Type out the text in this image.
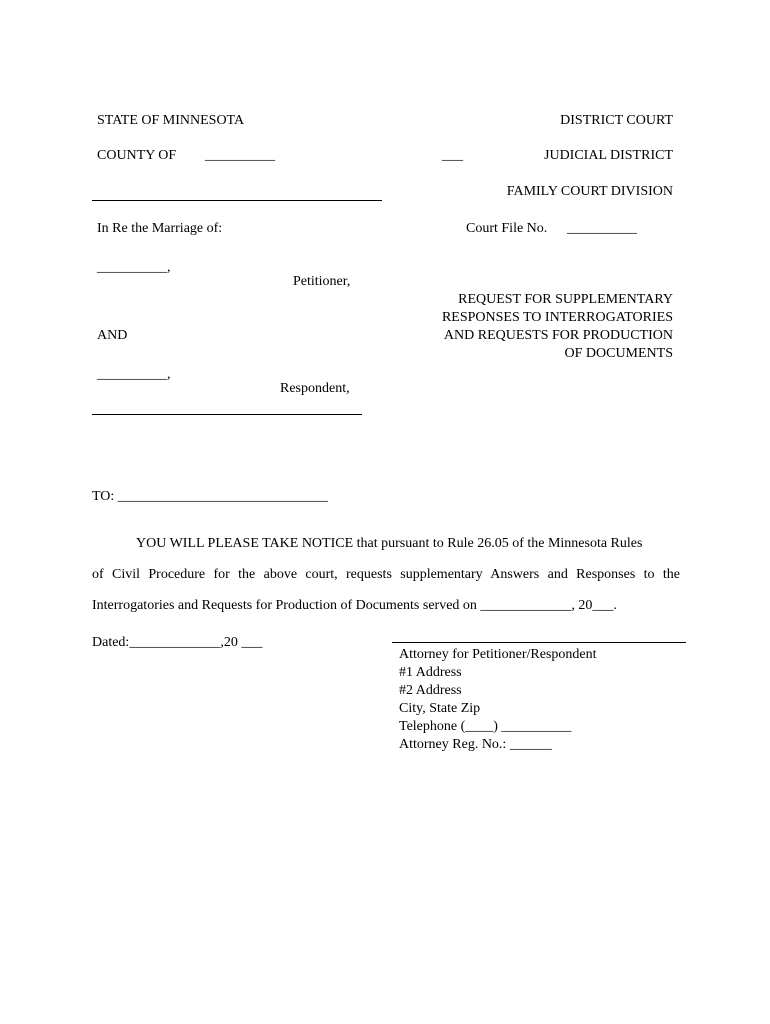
STATE OF MINNESOTA	DISTRICT COURT
COUNTY OF __________	___	JUDICIAL DISTRICT
FAMILY COURT DIVISION
In Re the Marriage of:	Court File No. __________
__________,
Petitioner,
REQUEST FOR SUPPLEMENTARY
RESPONSES TO INTERROGATORIES
AND REQUESTS FOR PRODUCTION
OF DOCUMENTS
AND
__________,
Respondent,
TO: ______________________________
YOU WILL PLEASE TAKE NOTICE that pursuant to Rule 26.05 of the Minnesota Rules
of Civil Procedure for the above court, requests supplementary Answers and Responses to the
Interrogatories and Requests for Production of Documents served on _____________, 20___.
Dated:_____________,20 ___
Attorney for Petitioner/Respondent
#1 Address
#2 Address
City, State Zip
Telephone (____) __________
Attorney Reg. No.: ______
